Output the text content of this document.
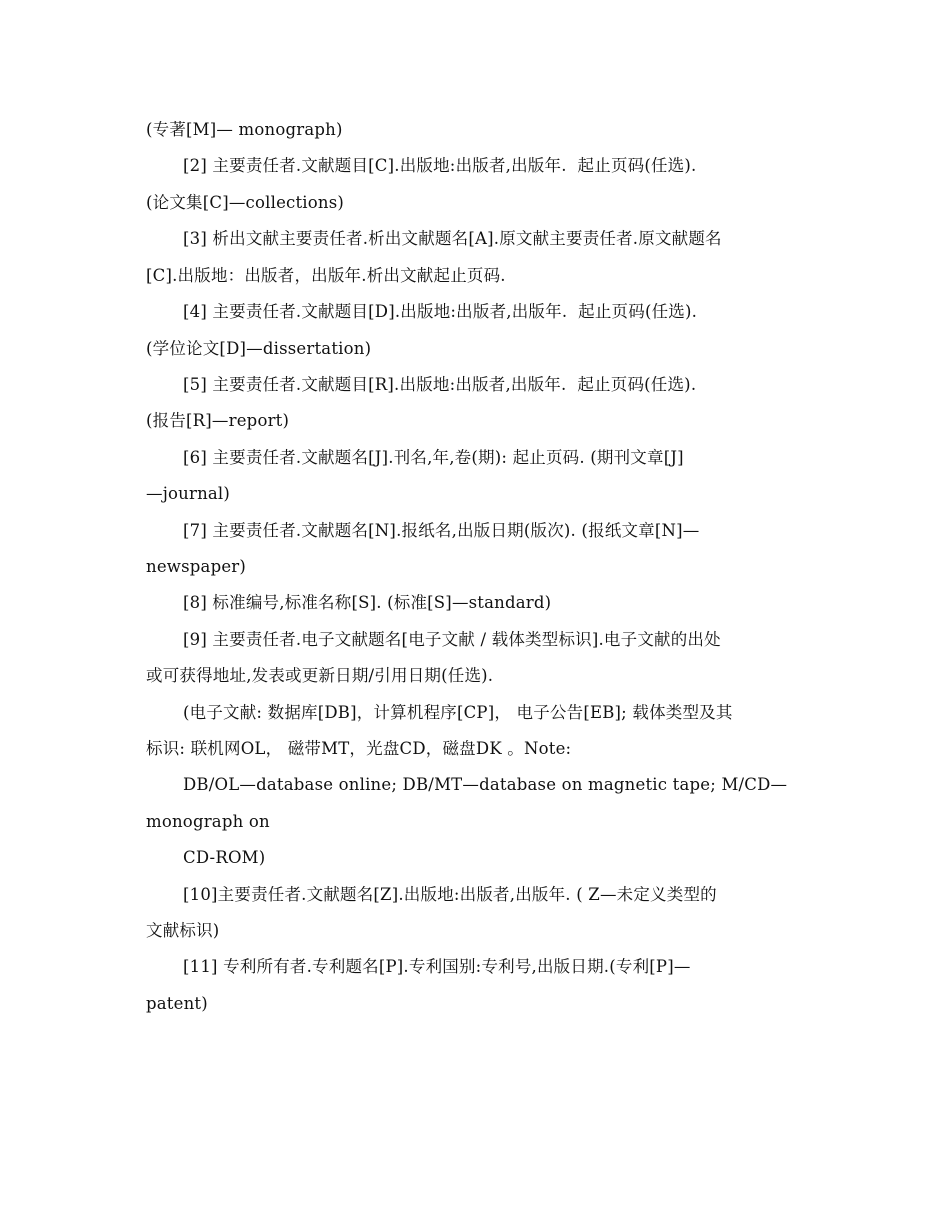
(专著[M]— monograph)
[2] 主要责任者.文献题目[C].出版地:出版者,出版年.  起止页码(任选).
(论文集[C]—collections)
[3] 析出文献主要责任者.析出文献题名[A].原文献主要责任者.原文献题名
[C].出版地：出版者，出版年.析出文献起止页码.
[4] 主要责任者.文献题目[D].出版地:出版者,出版年.  起止页码(任选).
(学位论文[D]—dissertation)
[5] 主要责任者.文献题目[R].出版地:出版者,出版年.  起止页码(任选).
(报告[R]—report)
[6] 主要责任者.文献题名[J].刊名,年,卷(期): 起止页码. (期刊文章[J]
—journal)
[7] 主要责任者.文献题名[N].报纸名,出版日期(版次). (报纸文章[N]—
newspaper)
[8] 标准编号,标准名称[S]. (标准[S]—standard)
[9] 主要责任者.电子文献题名[电子文献 / 载体类型标识].电子文献的出处
或可获得地址,发表或更新日期/引用日期(任选).
(电子文献: 数据库[DB]，计算机程序[CP]， 电子公告[EB]; 载体类型及其
标识: 联机网OL， 磁带MT，光盘CD，磁盘DK 。Note:
DB/OL—database online; DB/MT—database on magnetic tape; M/CD—
monograph on
CD-ROM)
[10]主要责任者.文献题名[Z].出版地:出版者,出版年. ( Z—未定义类型的
文献标识)
[11] 专利所有者.专利题名[P].专利国别:专利号,出版日期.(专利[P]—
patent)
